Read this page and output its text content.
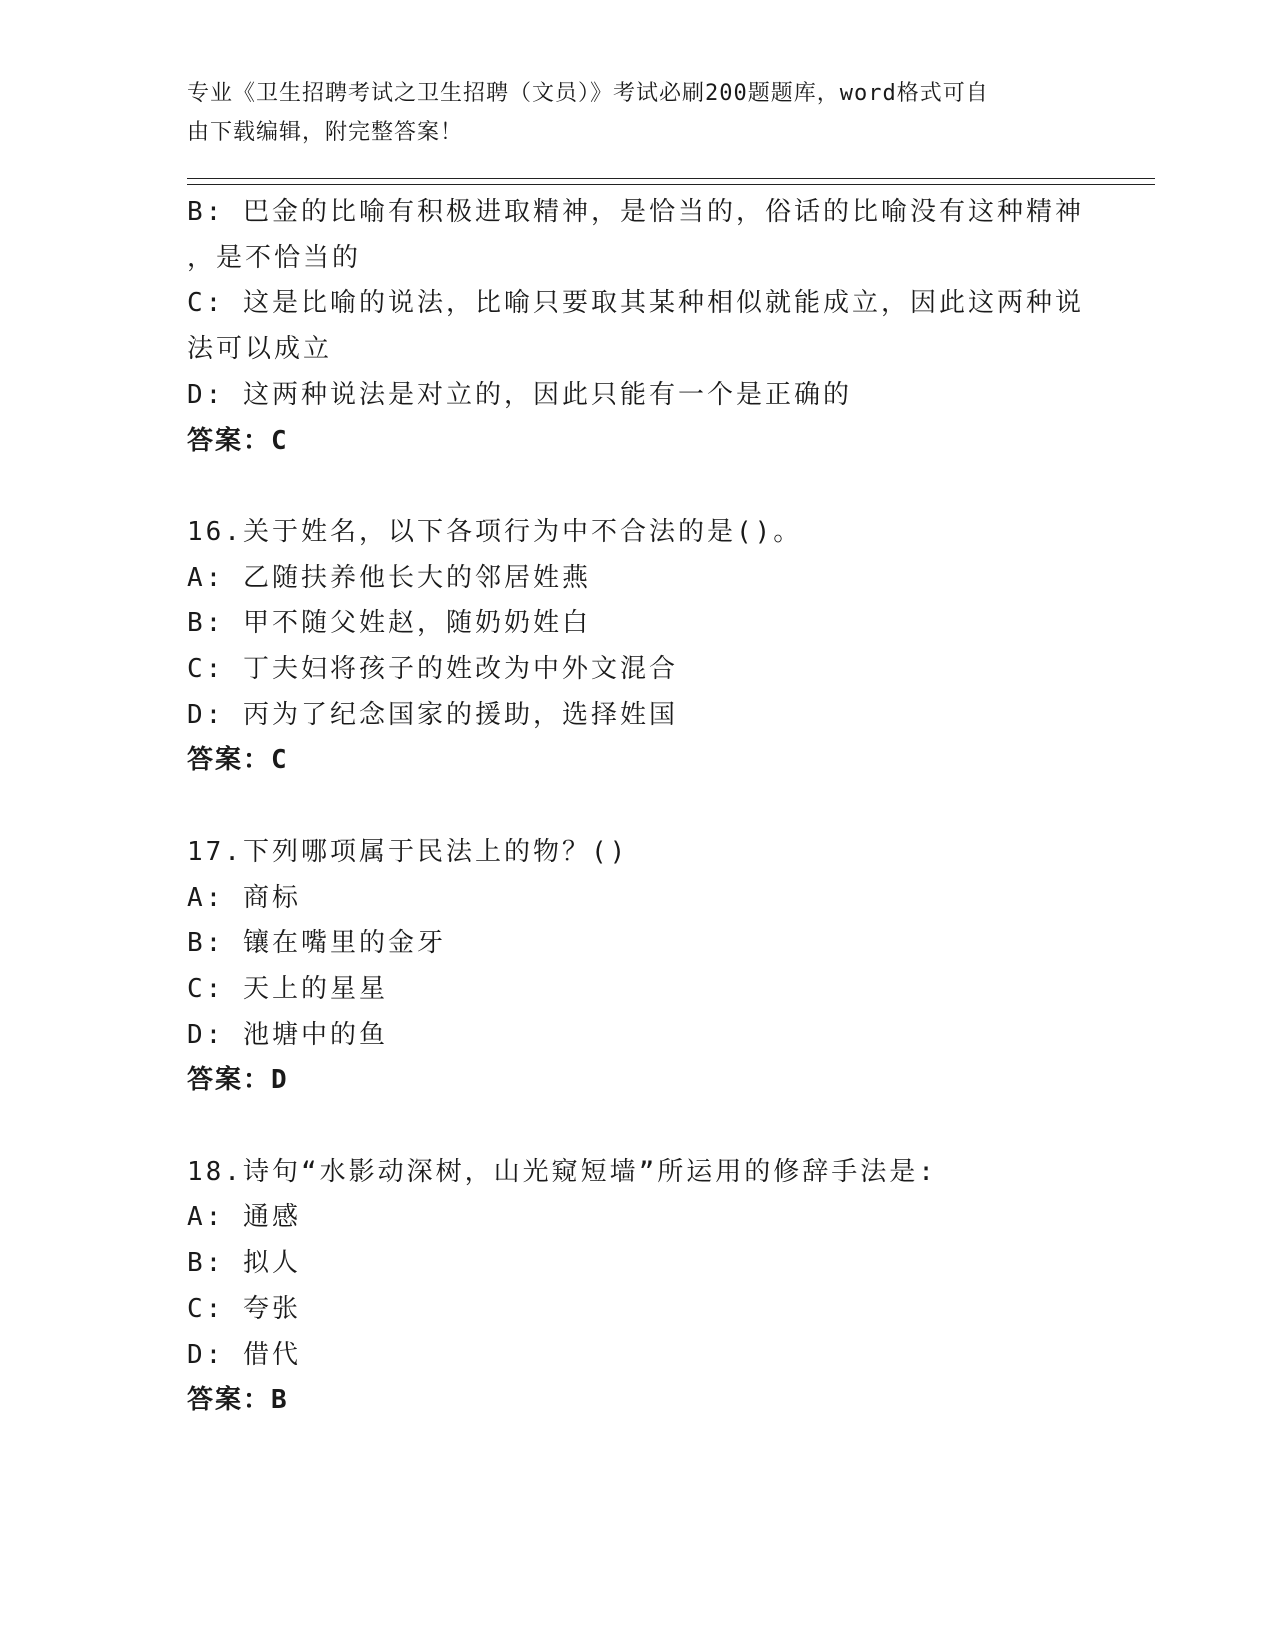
专业《卫生招聘考试之卫生招聘（文员）》考试必刷200题题库，word格式可自
由下载编辑，附完整答案！
B: 巴金的比喻有积极进取精神，是恰当的，俗话的比喻没有这种精神
，是不恰当的
C: 这是比喻的说法，比喻只要取其某种相似就能成立，因此这两种说
法可以成立
D: 这两种说法是对立的，因此只能有一个是正确的
答案：C
16.关于姓名，以下各项行为中不合法的是()。
A: 乙随扶养他长大的邻居姓燕
B: 甲不随父姓赵，随奶奶姓白
C: 丁夫妇将孩子的姓改为中外文混合
D: 丙为了纪念国家的援助，选择姓国
答案：C
17.下列哪项属于民法上的物？()
A: 商标
B: 镶在嘴里的金牙
C: 天上的星星
D: 池塘中的鱼
答案：D
18.诗句“水影动深树，山光窥短墙”所运用的修辞手法是:
A: 通感
B: 拟人
C: 夸张
D: 借代
答案：B
